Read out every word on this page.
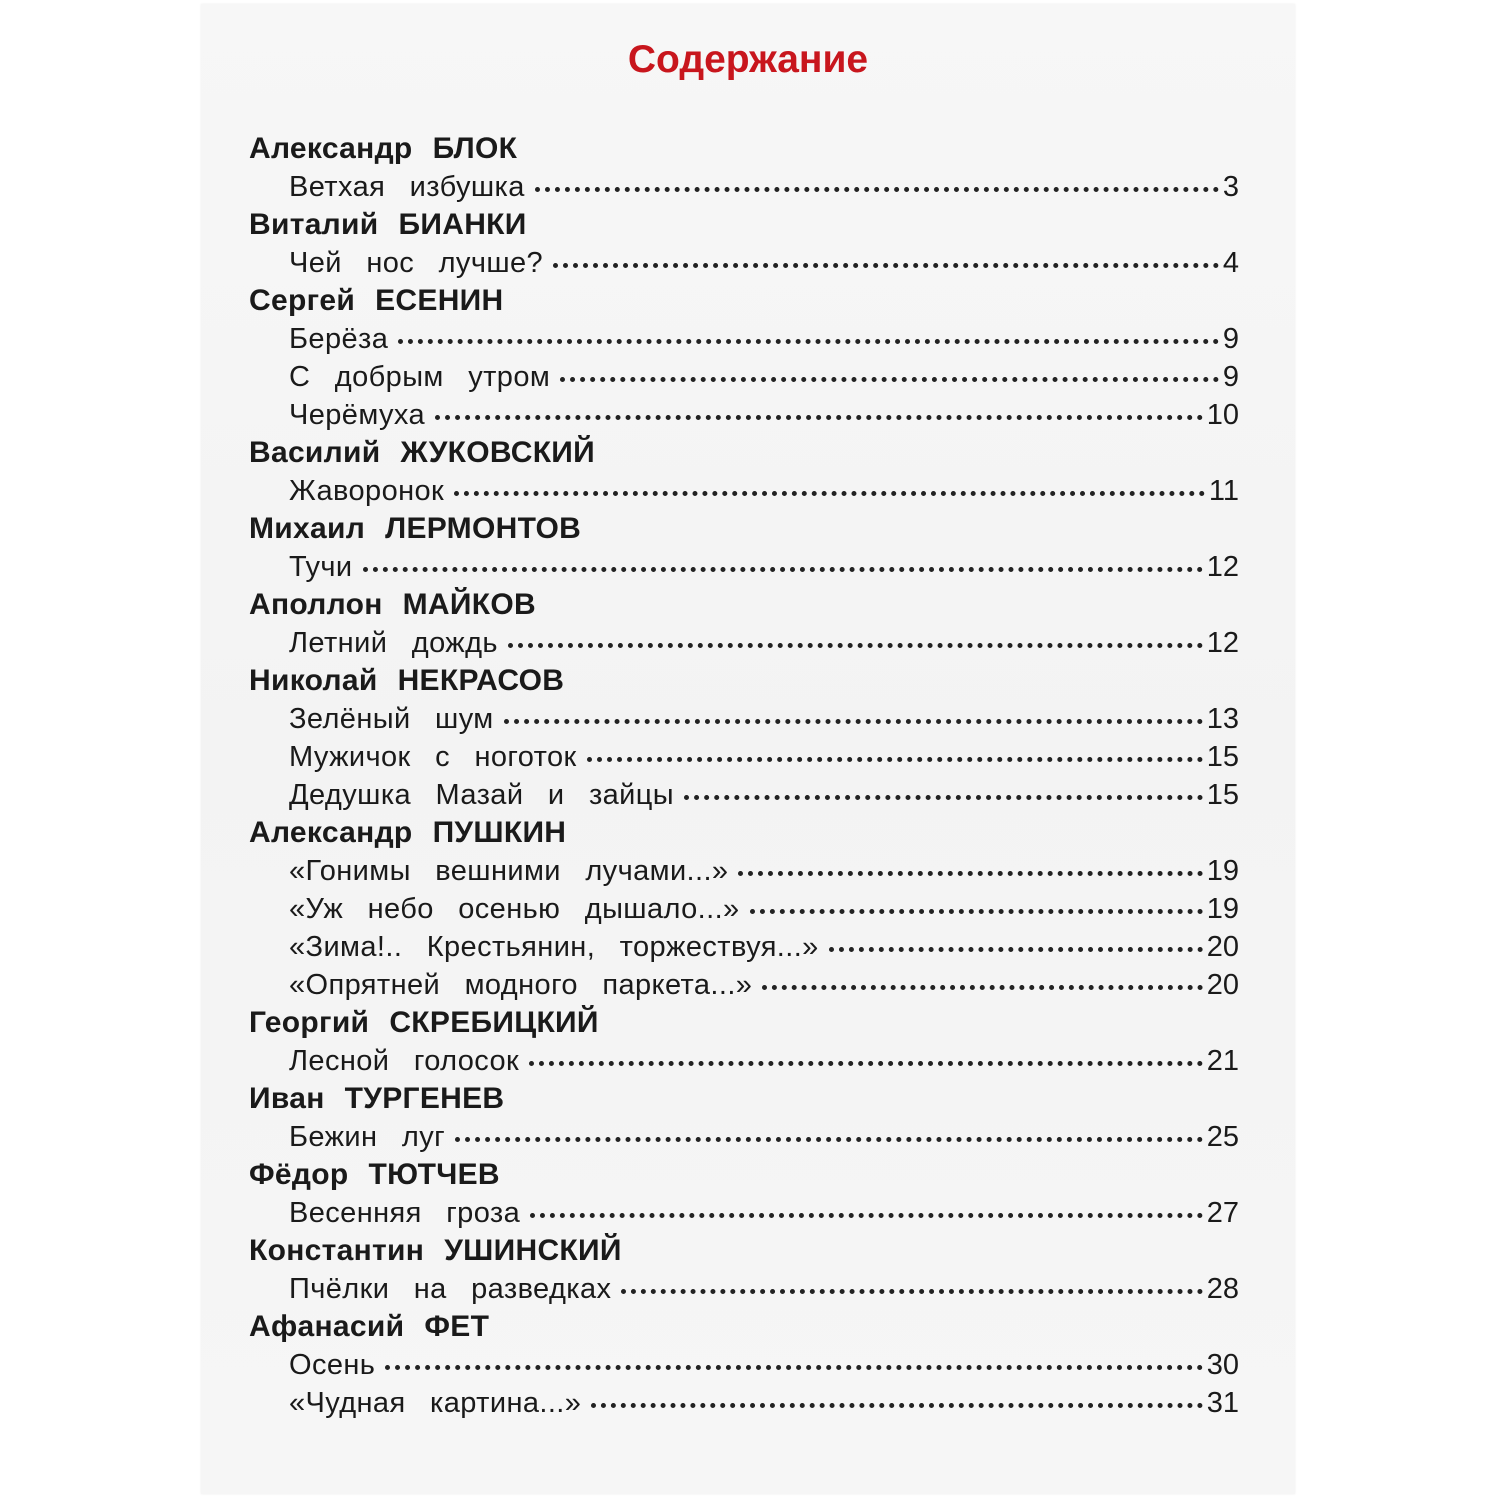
Содержание
Александр БЛОК
Ветхая избушка	3
Виталий БИАНКИ
Чей нос лучше?	4
Сергей ЕСЕНИН
Берёза	9
С добрым утром	9
Черёмуха	10
Василий ЖУКОВСКИЙ
Жаворонок	11
Михаил ЛЕРМОНТОВ
Тучи	12
Аполлон МАЙКОВ
Летний дождь	12
Николай НЕКРАСОВ
Зелёный шум	13
Мужичок с ноготок	15
Дедушка Мазай и зайцы	15
Александр ПУШКИН
«Гонимы вешними лучами...»	19
«Уж небо осенью дышало...»	19
«Зима!.. Крестьянин, торжествуя...»	20
«Опрятней модного паркета...»	20
Георгий СКРЕБИЦКИЙ
Лесной голосок	21
Иван ТУРГЕНЕВ
Бежин луг	25
Фёдор ТЮТЧЕВ
Весенняя гроза	27
Константин УШИНСКИЙ
Пчёлки на разведках	28
Афанасий ФЕТ
Осень	30
«Чудная картина...»	31
